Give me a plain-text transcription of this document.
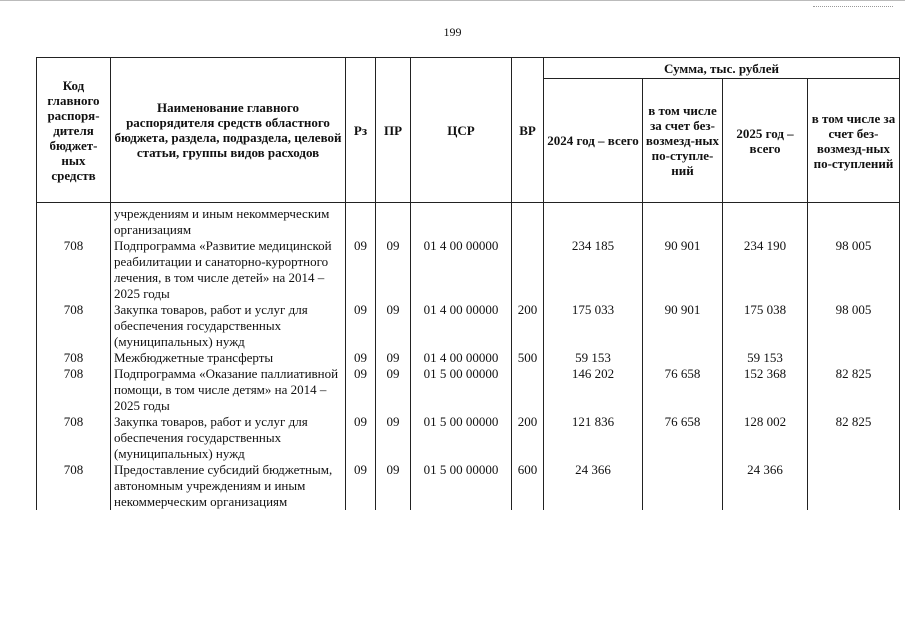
199
Код главного распоря-дителя бюджет-ных средств	Наименование главного распорядителя средств областного бюджета, раздела, подраздела, целевой статьи, группы видов расходов	Рз	ПР	ЦСР	ВР	Сумма, тыс. рублей			
						2024 год – всего	в том числе за счет без-возмезд-ных по-ступле-ний	2025 год – всего	в том числе за счет без-возмезд-ных по-ступлений
	учреждениям и иным некоммерческим организациям								
708	Подпрограмма «Развитие медицинской реабилитации и санаторно-курортного лечения, в том числе детей» на 2014 – 2025 годы	09	09	01 4 00 00000		234 185	90 901	234 190	98 005
708	Закупка товаров, работ и услуг для обеспечения государственных (муниципальных) нужд	09	09	01 4 00 00000	200	175 033	90 901	175 038	98 005
708	Межбюджетные трансферты	09	09	01 4 00 00000	500	59 153		59 153	
708	Подпрограмма «Оказание паллиативной помощи, в том числе детям» на 2014 – 2025 годы	09	09	01 5 00 00000		146 202	76 658	152 368	82 825
708	Закупка товаров, работ и услуг для обеспечения государственных (муниципальных) нужд	09	09	01 5 00 00000	200	121 836	76 658	128 002	82 825
708	Предоставление субсидий бюджетным, автономным учреждениям и иным некоммерческим организациям	09	09	01 5 00 00000	600	24 366		24 366	
